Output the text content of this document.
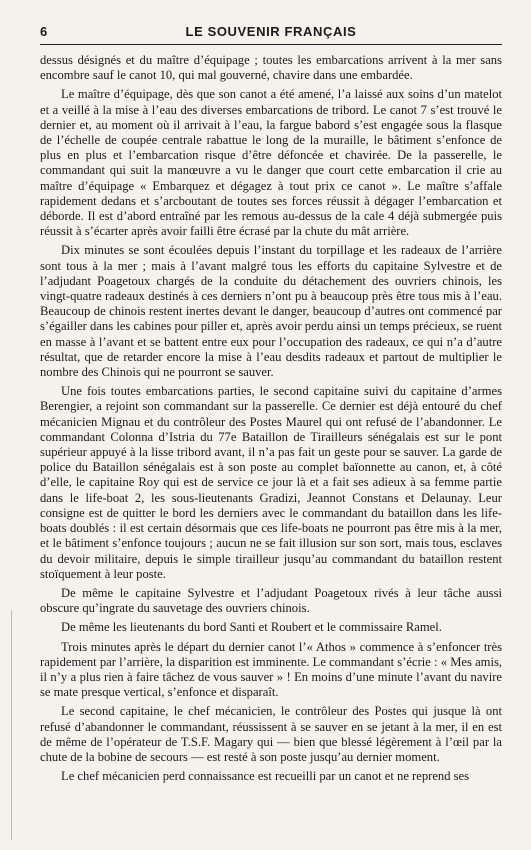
6	LE SOUVENIR FRANÇAIS

dessus désignés et du maître d’équipage ; toutes les embarcations arrivent à la mer sans encombre sauf le canot 10, qui mal gouverné, chavire dans une embardée.

Le maître d’équipage, dès que son canot a été amené, l’a laissé aux soins d’un matelot et a veillé à la mise à l’eau des diverses embarcations de tribord. Le canot 7 s’est trouvé le dernier et, au moment où il arrivait à l’eau, la fargue babord s’est engagée sous la flasque de l’échelle de coupée centrale rabattue le long de la muraille, le bâtiment s’enfonce de plus en plus et l’embarcation risque d’être défoncée et chavirée. De la passerelle, le commandant qui suit la manœuvre a vu le danger que court cette embarcation il crie au maître d’équipage « Embarquez et dégagez à tout prix ce canot ». Le maître s’affale rapidement dedans et s’arcboutant de toutes ses forces réussit à dégager l’embarcation et déborde. Il est d’abord entraîné par les remous au-dessus de la cale 4 déjà submergée puis réussit à s’écarter après avoir failli être écrasé par la chute du mât arrière.

Dix minutes se sont écoulées depuis l’instant du torpillage et les radeaux de l’arrière sont tous à la mer ; mais à l’avant malgré tous les efforts du capitaine Sylvestre et de l’adjudant Poagetoux chargés de la conduite du détachement des ouvriers chinois, les vingt-quatre radeaux destinés à ces derniers n’ont pu à beaucoup près être tous mis à l’eau. Beaucoup de chinois restent inertes devant le danger, beaucoup d’autres ont commencé par s’égailler dans les cabines pour piller et, après avoir perdu ainsi un temps précieux, se ruent en masse à l’avant et se battent entre eux pour l’occupation des radeaux, ce qui n’a d’autre résultat, que de retarder encore la mise à l’eau desdits radeaux et partout de multiplier le nombre des Chinois qui ne pourront se sauver.

Une fois toutes embarcations parties, le second capitaine suivi du capitaine d’armes Berengier, a rejoint son commandant sur la passerelle. Ce dernier est déjà entouré du chef mécanicien Mignau et du contrôleur des Postes Maurel qui ont refusé de l’abandonner. Le commandant Colonna d’Istria du 77e Bataillon de Tirailleurs sénégalais est sur le pont supérieur appuyé à la lisse tribord avant, il n’a pas fait un geste pour se sauver. La garde de police du Bataillon sénégalais est à son poste au complet baïonnette au canon, et, à côté d’elle, le capitaine Roy qui est de service ce jour là et a fait ses adieux à sa femme partie dans le life-boat 2, les sous-lieutenants Gradizi, Jeannot Constans et Delaunay. Leur consigne est de quitter le bord les derniers avec le commandant du bataillon dans les life-boats doublés : il est certain désormais que ces life-boats ne pourront pas être mis à la mer, et le bâtiment s’enfonce toujours ; aucun ne se fait illusion sur son sort, mais tous, esclaves du devoir militaire, depuis le simple tirailleur jusqu’au commandant du bataillon restent stoïquement à leur poste.

De même le capitaine Sylvestre et l’adjudant Poagetoux rivés à leur tâche aussi obscure qu’ingrate du sauvetage des ouvriers chinois.

De même les lieutenants du bord Santi et Roubert et le commissaire Ramel.

Trois minutes après le départ du dernier canot l’« Athos » commence à s’enfoncer très rapidement par l’arrière, la disparition est imminente. Le commandant s’écrie : « Mes amis, il n’y a plus rien à faire tâchez de vous sauver » ! En moins d’une minute l’avant du navire se mate presque vertical, s’enfonce et disparaît.

Le second capitaine, le chef mécanicien, le contrôleur des Postes qui jusque là ont refusé d’abandonner le commandant, réussissent à se sauver en se jetant à la mer, il en est de même de l’opérateur de T.S.F. Magary qui — bien que blessé légèrement à l’œil par la chute de la bobine de secours — est resté à son poste jusqu’au dernier moment.

Le chef mécanicien perd connaissance est recueilli par un canot et ne reprend ses
